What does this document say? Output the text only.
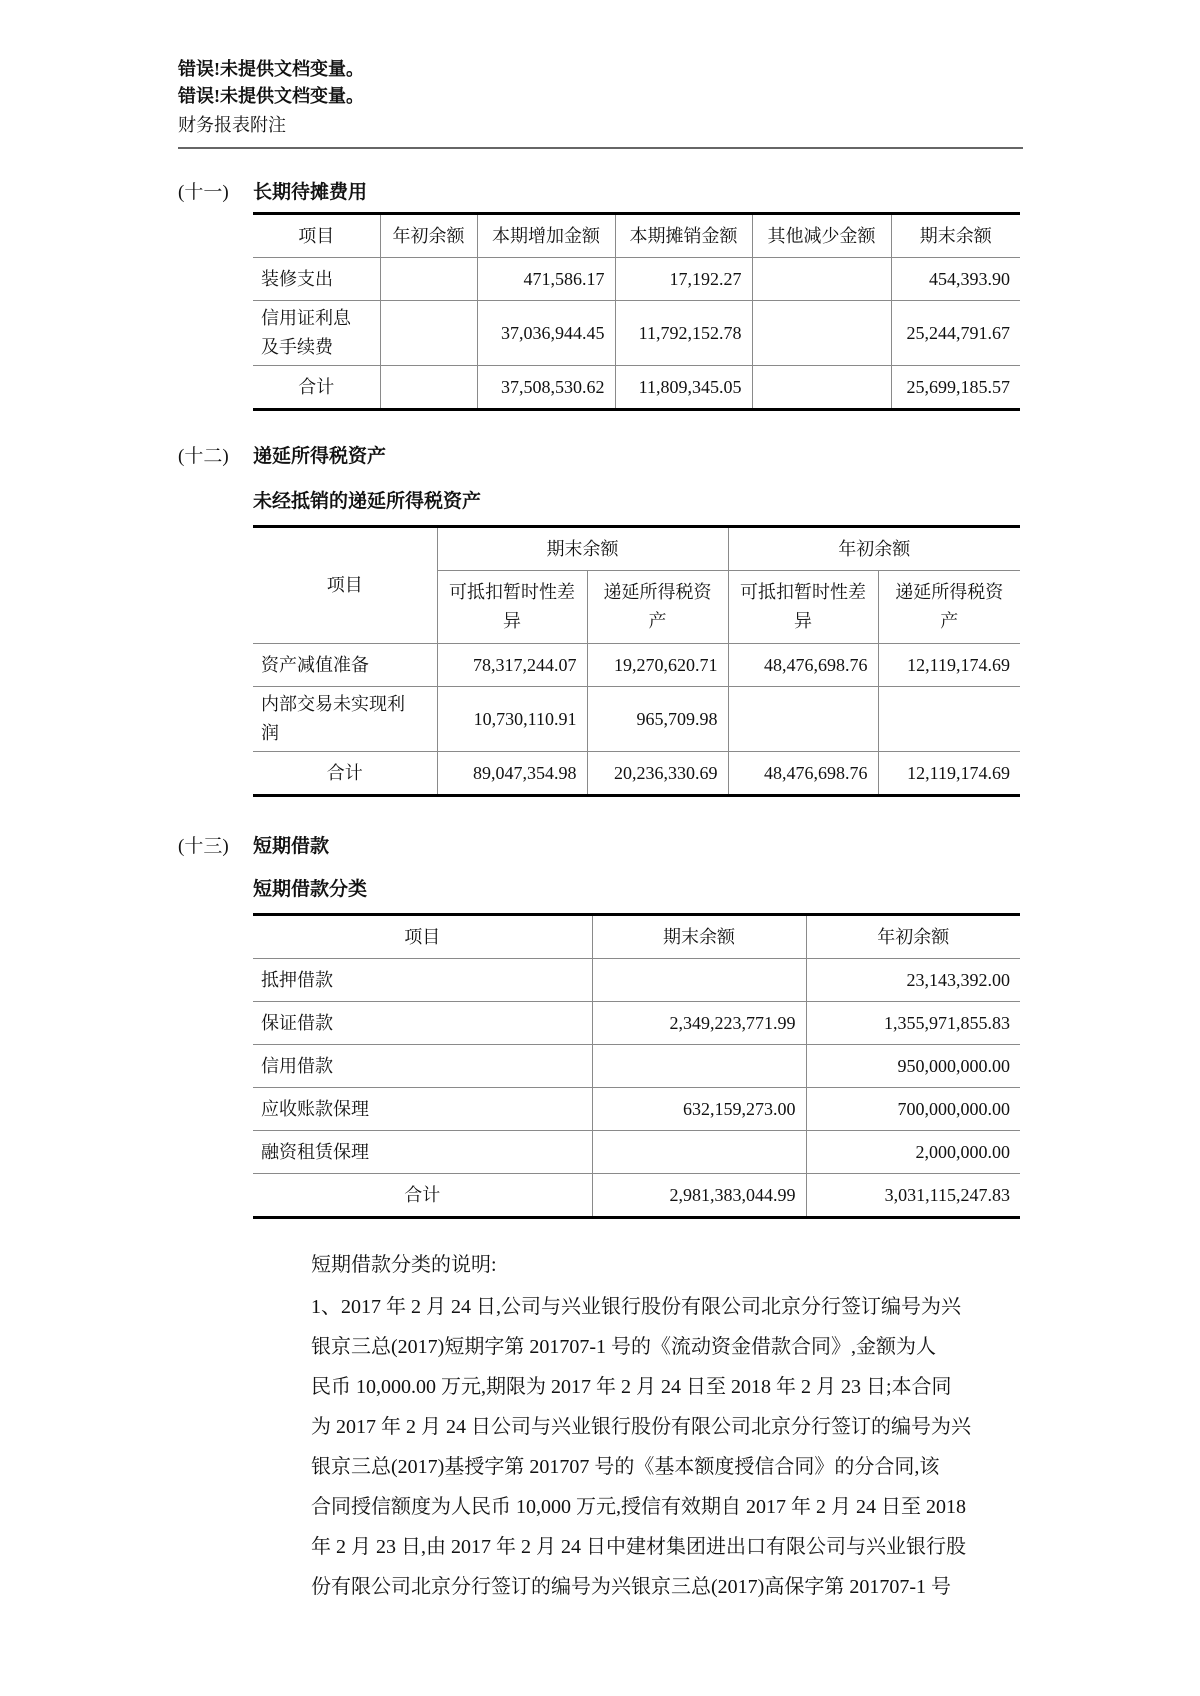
错误!未提供文档变量。
错误!未提供文档变量。
财务报表附注
(十一)	长期待摊费用
项目	年初余额	本期增加金额	本期摊销金额	其他减少金额	期末余额
装修支出		471,586.17	17,192.27		454,393.90
信用证利息及手续费		37,036,944.45	11,792,152.78		25,244,791.67
合计		37,508,530.62	11,809,345.05		25,699,185.57
(十二)	递延所得税资产
未经抵销的递延所得税资产
项目	期末余额		年初余额	
	可抵扣暂时性差异	递延所得税资产	可抵扣暂时性差异	递延所得税资产
资产减值准备	78,317,244.07	19,270,620.71	48,476,698.76	12,119,174.69
内部交易未实现利润	10,730,110.91	965,709.98		
合计	89,047,354.98	20,236,330.69	48,476,698.76	12,119,174.69
(十三)	短期借款
短期借款分类
项目	期末余额	年初余额
抵押借款		23,143,392.00
保证借款	2,349,223,771.99	1,355,971,855.83
信用借款		950,000,000.00
应收账款保理	632,159,273.00	700,000,000.00
融资租赁保理		2,000,000.00
合计	2,981,383,044.99	3,031,115,247.83
短期借款分类的说明:
1、2017 年 2 月 24 日,公司与兴业银行股份有限公司北京分行签订编号为兴
银京三总(2017)短期字第 201707-1 号的《流动资金借款合同》,金额为人
民币 10,000.00 万元,期限为 2017 年 2 月 24 日至 2018 年 2 月 23 日;本合同
为 2017 年 2 月 24 日公司与兴业银行股份有限公司北京分行签订的编号为兴
银京三总(2017)基授字第 201707 号的《基本额度授信合同》的分合同,该
合同授信额度为人民币 10,000 万元,授信有效期自 2017 年 2 月 24 日至 2018
年 2 月 23 日,由 2017 年 2 月 24 日中建材集团进出口有限公司与兴业银行股
份有限公司北京分行签订的编号为兴银京三总(2017)高保字第 201707-1 号
